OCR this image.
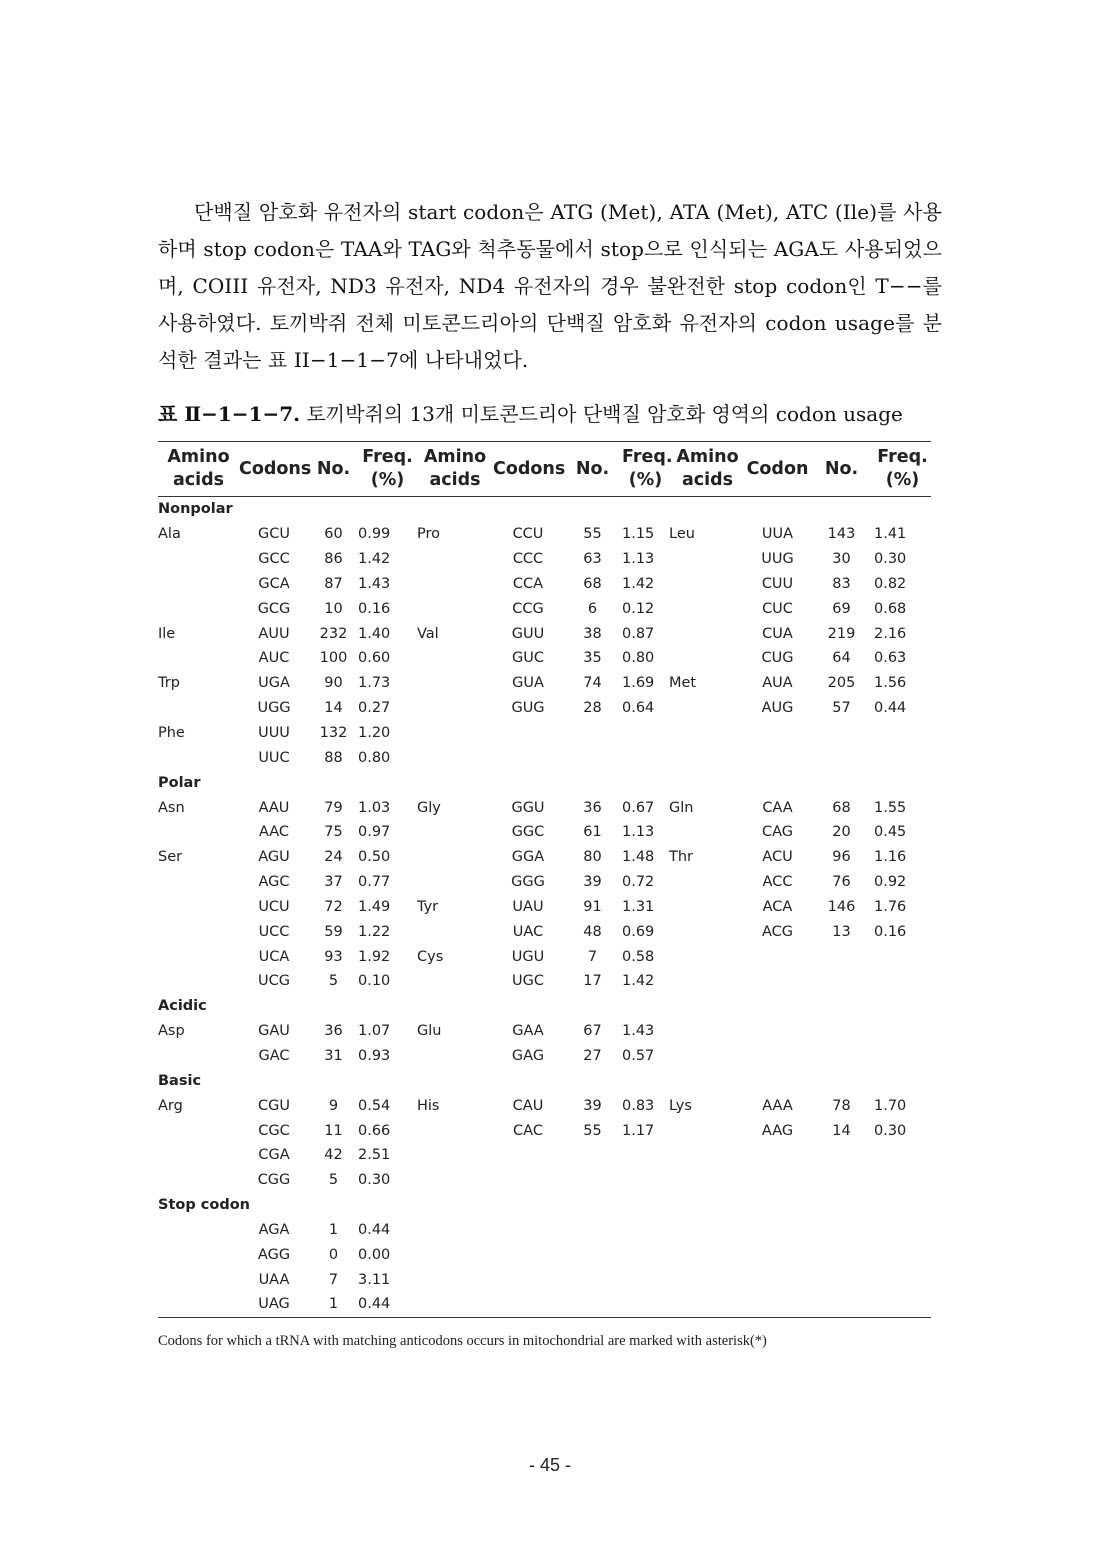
단백질 암호화 유전자의 start codon은 ATG (Met), ATA (Met), ATC (Ile)를 사용하며 stop codon은 TAA와 TAG와 척추동물에서 stop으로 인식되는 AGA도 사용되었으며, COIII 유전자, ND3 유전자, ND4 유전자의 경우 불완전한 stop codon인 T−−를 사용하였다. 토끼박쥐 전체 미토콘드리아의 단백질 암호화 유전자의 codon usage를 분석한 결과는 표 II−1−1−7에 나타내었다.

표 Ⅱ−1−1−7. 토끼박쥐의 13개 미토콘드리아 단백질 암호화 영역의 codon usage
Amino acids	Codons	No.	Freq. (%)	Amino acids	Codons	No.	Freq. (%)	Amino acids	Codon	No.	Freq. (%)
Nonpolar											
Ala	GCU	60	0.99	Pro	CCU	55	1.15	Leu	UUA	143	1.41
	GCC	86	1.42		CCC	63	1.13		UUG	30	0.30
	GCA	87	1.43		CCA	68	1.42		CUU	83	0.82
	GCG	10	0.16		CCG	6	0.12		CUC	69	0.68
Ile	AUU	232	1.40	Val	GUU	38	0.87		CUA	219	2.16
	AUC	100	0.60		GUC	35	0.80		CUG	64	0.63
Trp	UGA	90	1.73		GUA	74	1.69	Met	AUA	205	1.56
	UGG	14	0.27		GUG	28	0.64		AUG	57	0.44
Phe	UUU	132	1.20								
	UUC	88	0.80								
Polar											
Asn	AAU	79	1.03	Gly	GGU	36	0.67	Gln	CAA	68	1.55
	AAC	75	0.97		GGC	61	1.13		CAG	20	0.45
Ser	AGU	24	0.50		GGA	80	1.48	Thr	ACU	96	1.16
	AGC	37	0.77		GGG	39	0.72		ACC	76	0.92
	UCU	72	1.49	Tyr	UAU	91	1.31		ACA	146	1.76
	UCC	59	1.22		UAC	48	0.69		ACG	13	0.16
	UCA	93	1.92	Cys	UGU	7	0.58				
	UCG	5	0.10		UGC	17	1.42				
Acidic											
Asp	GAU	36	1.07	Glu	GAA	67	1.43				
	GAC	31	0.93		GAG	27	0.57				
Basic											
Arg	CGU	9	0.54	His	CAU	39	0.83	Lys	AAA	78	1.70
	CGC	11	0.66		CAC	55	1.17		AAG	14	0.30
	CGA	42	2.51								
	CGG	5	0.30								
Stop codon											
	AGA	1	0.44								
	AGG	0	0.00								
	UAA	7	3.11								
	UAG	1	0.44								
Codons for which a tRNA with matching anticodons occurs in mitochondrial are marked with asterisk(*)
- 45 -
